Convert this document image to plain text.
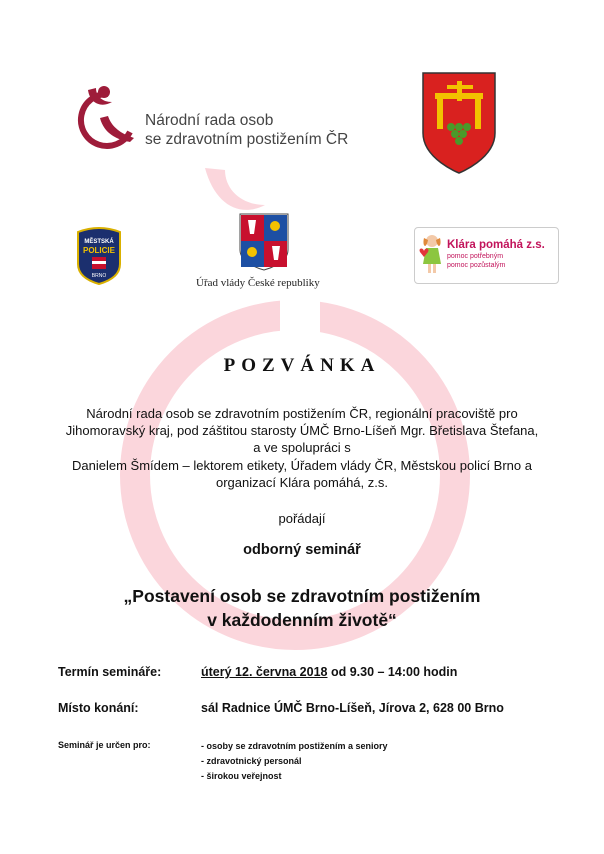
Národní rada osob
se zdravotním postižením ČR
MĚSTSKÁ
POLICIE
BRNO
Úřad vlády České republiky
Klára pomáhá z.s.
pomoc potřebným
pomoc pozůstalým
POZVÁNKA
Národní rada osob se zdravotním postižením ČR, regionální pracoviště pro
Jihomoravský kraj, pod záštitou starosty ÚMČ Brno-Líšeň Mgr. Břetislava Štefana,
a ve spolupráci s
Danielem Šmídem – lektorem etikety, Úřadem vlády ČR, Městskou policí Brno a
organizací Klára pomáhá, z.s.
pořádají
odborný seminář
„Postavení osob se zdravotním postižením
v každodenním životě“
Termín semináře:	úterý 12. června 2018 od 9.30 – 14:00 hodin
Místo konání:	sál Radnice ÚMČ Brno-Líšeň, Jírova 2, 628 00 Brno
Seminář je určen pro:	- osoby se zdravotním postižením a seniory
- zdravotnický personál
- širokou veřejnost
